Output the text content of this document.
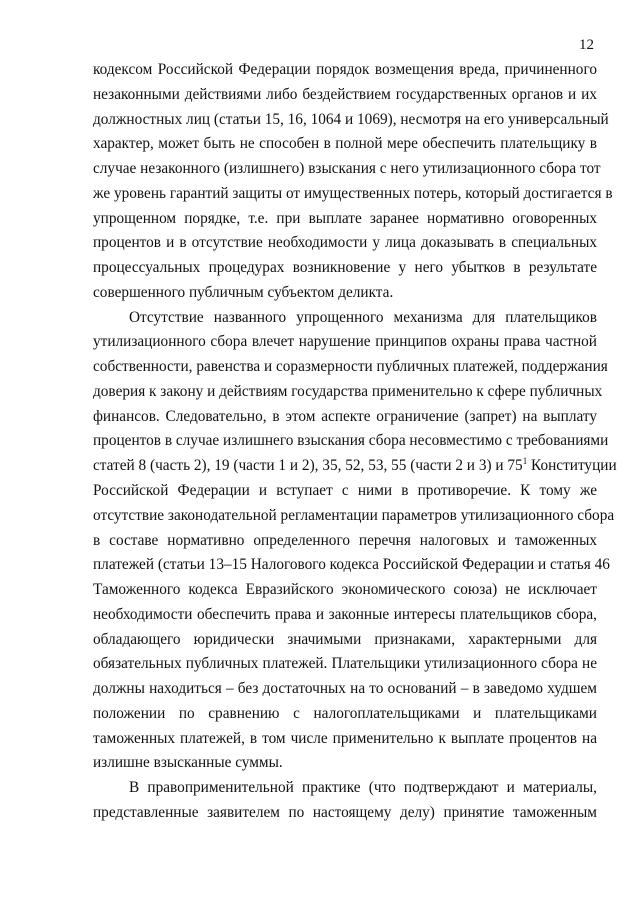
12
кодексом Российской Федерации порядок возмещения вреда, причиненного
незаконными действиями либо бездействием государственных органов и их
должностных лиц (статьи 15, 16, 1064 и 1069), несмотря на его универсальный
характер, может быть не способен в полной мере обеспечить плательщику в
случае незаконного (излишнего) взыскания с него утилизационного сбора тот
же уровень гарантий защиты от имущественных потерь, который достигается в
упрощенном порядке, т.е. при выплате заранее нормативно оговоренных
процентов и в отсутствие необходимости у лица доказывать в специальных
процессуальных процедурах возникновение у него убытков в результате
совершенного публичным субъектом деликта.
Отсутствие названного упрощенного механизма для плательщиков
утилизационного сбора влечет нарушение принципов охраны права частной
собственности, равенства и соразмерности публичных платежей, поддержания
доверия к закону и действиям государства применительно к сфере публичных
финансов. Следовательно, в этом аспекте ограничение (запрет) на выплату
процентов в случае излишнего взыскания сбора несовместимо с требованиями
статей 8 (часть 2), 19 (части 1 и 2), 35, 52, 53, 55 (части 2 и 3) и $75^1$ Конституции
Российской Федерации и вступает с ними в противоречие. К тому же
отсутствие законодательной регламентации параметров утилизационного сбора
в составе нормативно определенного перечня налоговых и таможенных
платежей (статьи 13–15 Налогового кодекса Российской Федерации и статья 46
Таможенного кодекса Евразийского экономического союза) не исключает
необходимости обеспечить права и законные интересы плательщиков сбора,
обладающего юридически значимыми признаками, характерными для
обязательных публичных платежей. Плательщики утилизационного сбора не
должны находиться – без достаточных на то оснований – в заведомо худшем
положении по сравнению с налогоплательщиками и плательщиками
таможенных платежей, в том числе применительно к выплате процентов на
излишне взысканные суммы.
В правоприменительной практике (что подтверждают и материалы,
представленные заявителем по настоящему делу) принятие таможенным
